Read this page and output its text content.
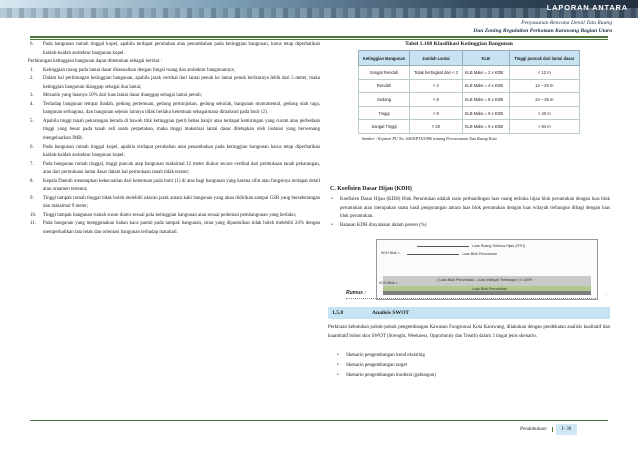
LAPORAN ANTARA
Penyusunan Rencana Detail Tata Ruang
Dan Zoning Regulation Perkotaan Karawang Bagian Utara
6. Pada bangunan rumah tinggal kopel, apabila terdapat perubahan atau penambahan pada ketinggian bangunan, harus tetap diperhatikan kaidah-kaidah arsitektur bangunan kopel.
Perhitungan ketinggian bangunan dapat ditentukan sebagai berikut :
1. Ketinggian ruang pada lantai dasar disesuaikan dengan fungsi ruang dan arsitektur bangunannya;
2. Dalam hal perhitungan ketinggian bangunan, apabila jarak vertikal dari lantai penuh ke lantai penuh berikutnya lebih dari 5 meter, maka ketinggian bangunan dianggap sebagai dua lantai;
3. Mezanin yang luasnya 50% dari luas lantai dasar dianggap sebagai lantai penuh;
4. Terhadap bangunan tempat ibadah, gedung pertemuan, gedung pertunjukan, gedung sekolah, bangunan monumental, gedung olah raga, bangunan serbaguna, dan bangunan sejenis lainnya tidak berlaku ketentuan sebagaimana dimaksud pada butir (2).
5. Apabila tinggi tanah pekarangan berada di bawah titik ketinggian (peil) bebas banjir atau terdapat kemiringan yang curam atau perbedaan tinggi yang besar pada tanah asli suatu perpetakan, maka tinggi maksimal lantai dasar ditetapkan oleh instansi yang berwenang mengeluarkan IMB;
6. Pada bangunan rumah tinggal kopel, apabila terdapat perubahan atau penambahan pada ketinggian bangunan harus tetap diperhatikan kaidah-kaidah arsitektur bangunan kopel;
7. Pada bangunan rumah tinggal, tinggi puncak atap bangunan maksimal 12 meter diukur secara vertikal dari permukaan tanah pekarangan, atau dari permukaan lantai dasar dalam hal permukaan tanah tidak teratur;
8. Kepala Daerah menetapkan kekecualian dari ketentuan pada butir (1) di atas bagi bangunan yang karena sifat atau fungsinya terdapat detail atau ornamen tertentu;
9. Tinggi tampak rumah tinggal tidak boleh melebihi ukuran jarak antara kaki bangunan yang akan didirikan sampai GSB yang berseberangan dan maksimal 9 meter;
10. Tinggi tampak bangunan rumah susun diatur sesuai pola ketinggian bangunan atau sesuai pedoman pembangunan yang berlaku;
11. Pada bangunan yang menggunakan bahan kaca pantul pada tampak bangunan, sinar yang dipantulkan tidak boleh melebihi 24% dengan memperhatikan tata letak dan orientasi bangunan terhadap matahari.
Tabel 1.168 Klasifikasi Ketinggian Bangunan
Ketinggian Bangunan	Jumlah Lantai	KLB	Tinggi puncak dari lantai dasar
Sangat Rendah	Tidak bertingkat dan < 2	KLB Maks = 2 x KDB	< 12 m
Rendah	< 4	KLB Maks = 4 x KDB	12 – 20 m
Sedang	< 8	KLB Maks = 8 x KDB	24 – 36 m
Tinggi	> 9	KLB Maks = 9 x KDB	> 40 m
Sangat Tinggi	> 20	KLB Maks = 9 x KDB	> 84 m
Sumber : Kepmen PU No. 640/KPTS/1986 tentang Perencanaan Tata Ruang Kota
C. Koefisien Dasar Hijau (KDH)
• Koefisien Dasar Hijau (KDH) Blok Peruntukan adalah rasio perbandingan luas ruang terbuka hijau blok peruntukan dengan luas blok peruntukan atau merupakan suatu hasil pengurangan antara luas blok peruntukan dengan luas wilayah terbangun dibagi dengan luas blok peruntukan.
• Batasan KDH dinyatakan dalam persen (%)
Luas Ruang Terbuka Hijau (RTH)
KDH Blok =	Luas Blok Peruntukan
( Luas Blok Peruntukan - Luas Wilayah Terbangun ) x 100%
Luas Blok Peruntukan
KDH Blok =
Rumus :	.
1.5.8	Analisis SWOT
Perkiraan kebutuhan pokok-pokok pengembangan Kawasan Fungsional Kota Karawang, dilakukan dengan pendekatan analisis kualitatif dan kuantitatif bobot skor SWOT (Strenght, Weekness, Opportunity dan Treath) dalam 3 tingat jenis skenario.
• Skenario pengembangan trend eksisting
• Skenario pengembangan target
• Skenario pengembangan moderat (gabungan)
Pendahuluan	I- 30
